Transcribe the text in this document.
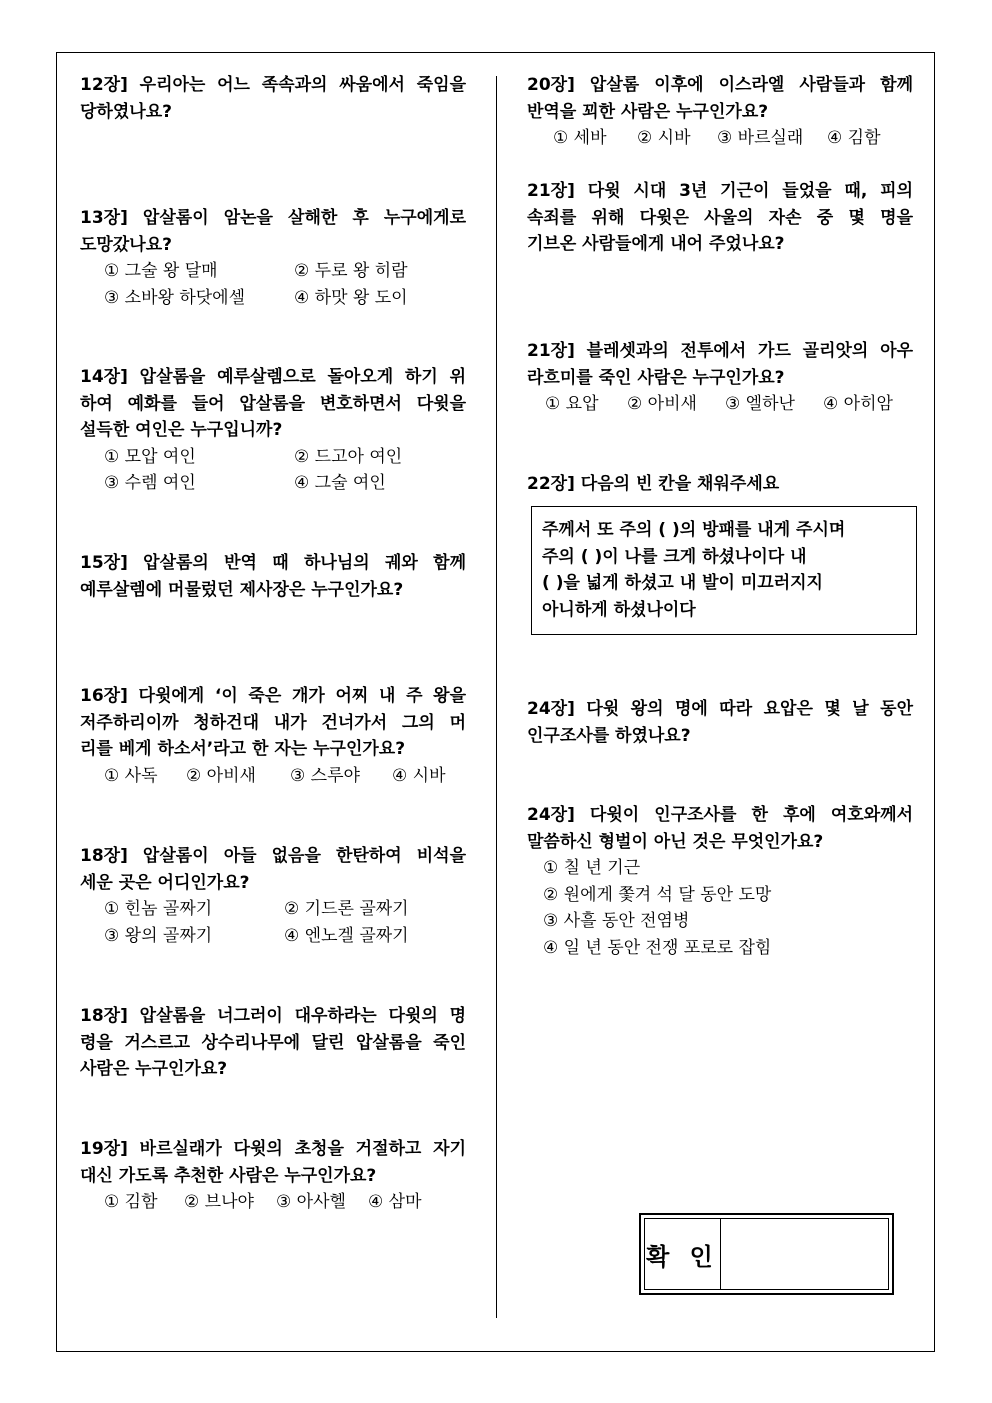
12장] 우리아는 어느 족속과의 싸움에서 죽임을
당하였나요?
13장] 압살롬이 암논을 살해한 후 누구에게로
도망갔나요?
① 그술 왕 달매	② 두로 왕 히람
③ 소바왕 하닷에셀	④ 하맛 왕 도이
14장] 압살롬을 예루살렘으로 돌아오게 하기 위
하여 예화를 들어 압살롬을 변호하면서 다윗을
설득한 여인은 누구입니까?
① 모압 여인	② 드고아 여인
③ 수렘 여인	④ 그술 여인
15장] 압살롬의 반역 때 하나님의 궤와 함께
예루살렘에 머물렀던 제사장은 누구인가요?
16장] 다윗에게 ‘이 죽은 개가 어찌 내 주 왕을
저주하리이까 청하건대 내가 건너가서 그의 머
리를 베게 하소서’라고 한 자는 누구인가요?
① 사독 ② 아비새 ③ 스루야 ④ 시바
18장] 압살롬이 아들 없음을 한탄하여 비석을
세운 곳은 어디인가요?
① 힌놈 골짜기	② 기드론 골짜기
③ 왕의 골짜기	④ 엔노겔 골짜기
18장] 압살롬을 너그러이 대우하라는 다윗의 명
령을 거스르고 상수리나무에 달린 압살롬을 죽인
사람은 누구인가요?
19장] 바르실래가 다윗의 초청을 거절하고 자기
대신 가도록 추천한 사람은 누구인가요?
① 김함 ② 브나야 ③ 아사헬 ④ 삼마
20장] 압살롬 이후에 이스라엘 사람들과 함께
반역을 꾀한 사람은 누구인가요?
① 세바 ② 시바 ③ 바르실래 ④ 김함
21장] 다윗 시대 3년 기근이 들었을 때, 피의
속죄를 위해 다윗은 사울의 자손 중 몇 명을
기브온 사람들에게 내어 주었나요?
21장] 블레셋과의 전투에서 가드 골리앗의 아우
라흐미를 죽인 사람은 누구인가요?
① 요압 ② 아비새 ③ 엘하난 ④ 아히암
22장] 다음의 빈 칸을 채워주세요
주께서 또 주의 ( )의 방패를 내게 주시며
주의 ( )이 나를 크게 하셨나이다 내
( )을 넓게 하셨고 내 발이 미끄러지지
아니하게 하셨나이다
24장] 다윗 왕의 명에 따라 요압은 몇 날 동안
인구조사를 하였나요?
24장] 다윗이 인구조사를 한 후에 여호와께서
말씀하신 형벌이 아닌 것은 무엇인가요?
① 칠 년 기근
② 원에게 쫓겨 석 달 동안 도망
③ 사흘 동안 전염병
④ 일 년 동안 전쟁 포로로 잡힘
확 인
